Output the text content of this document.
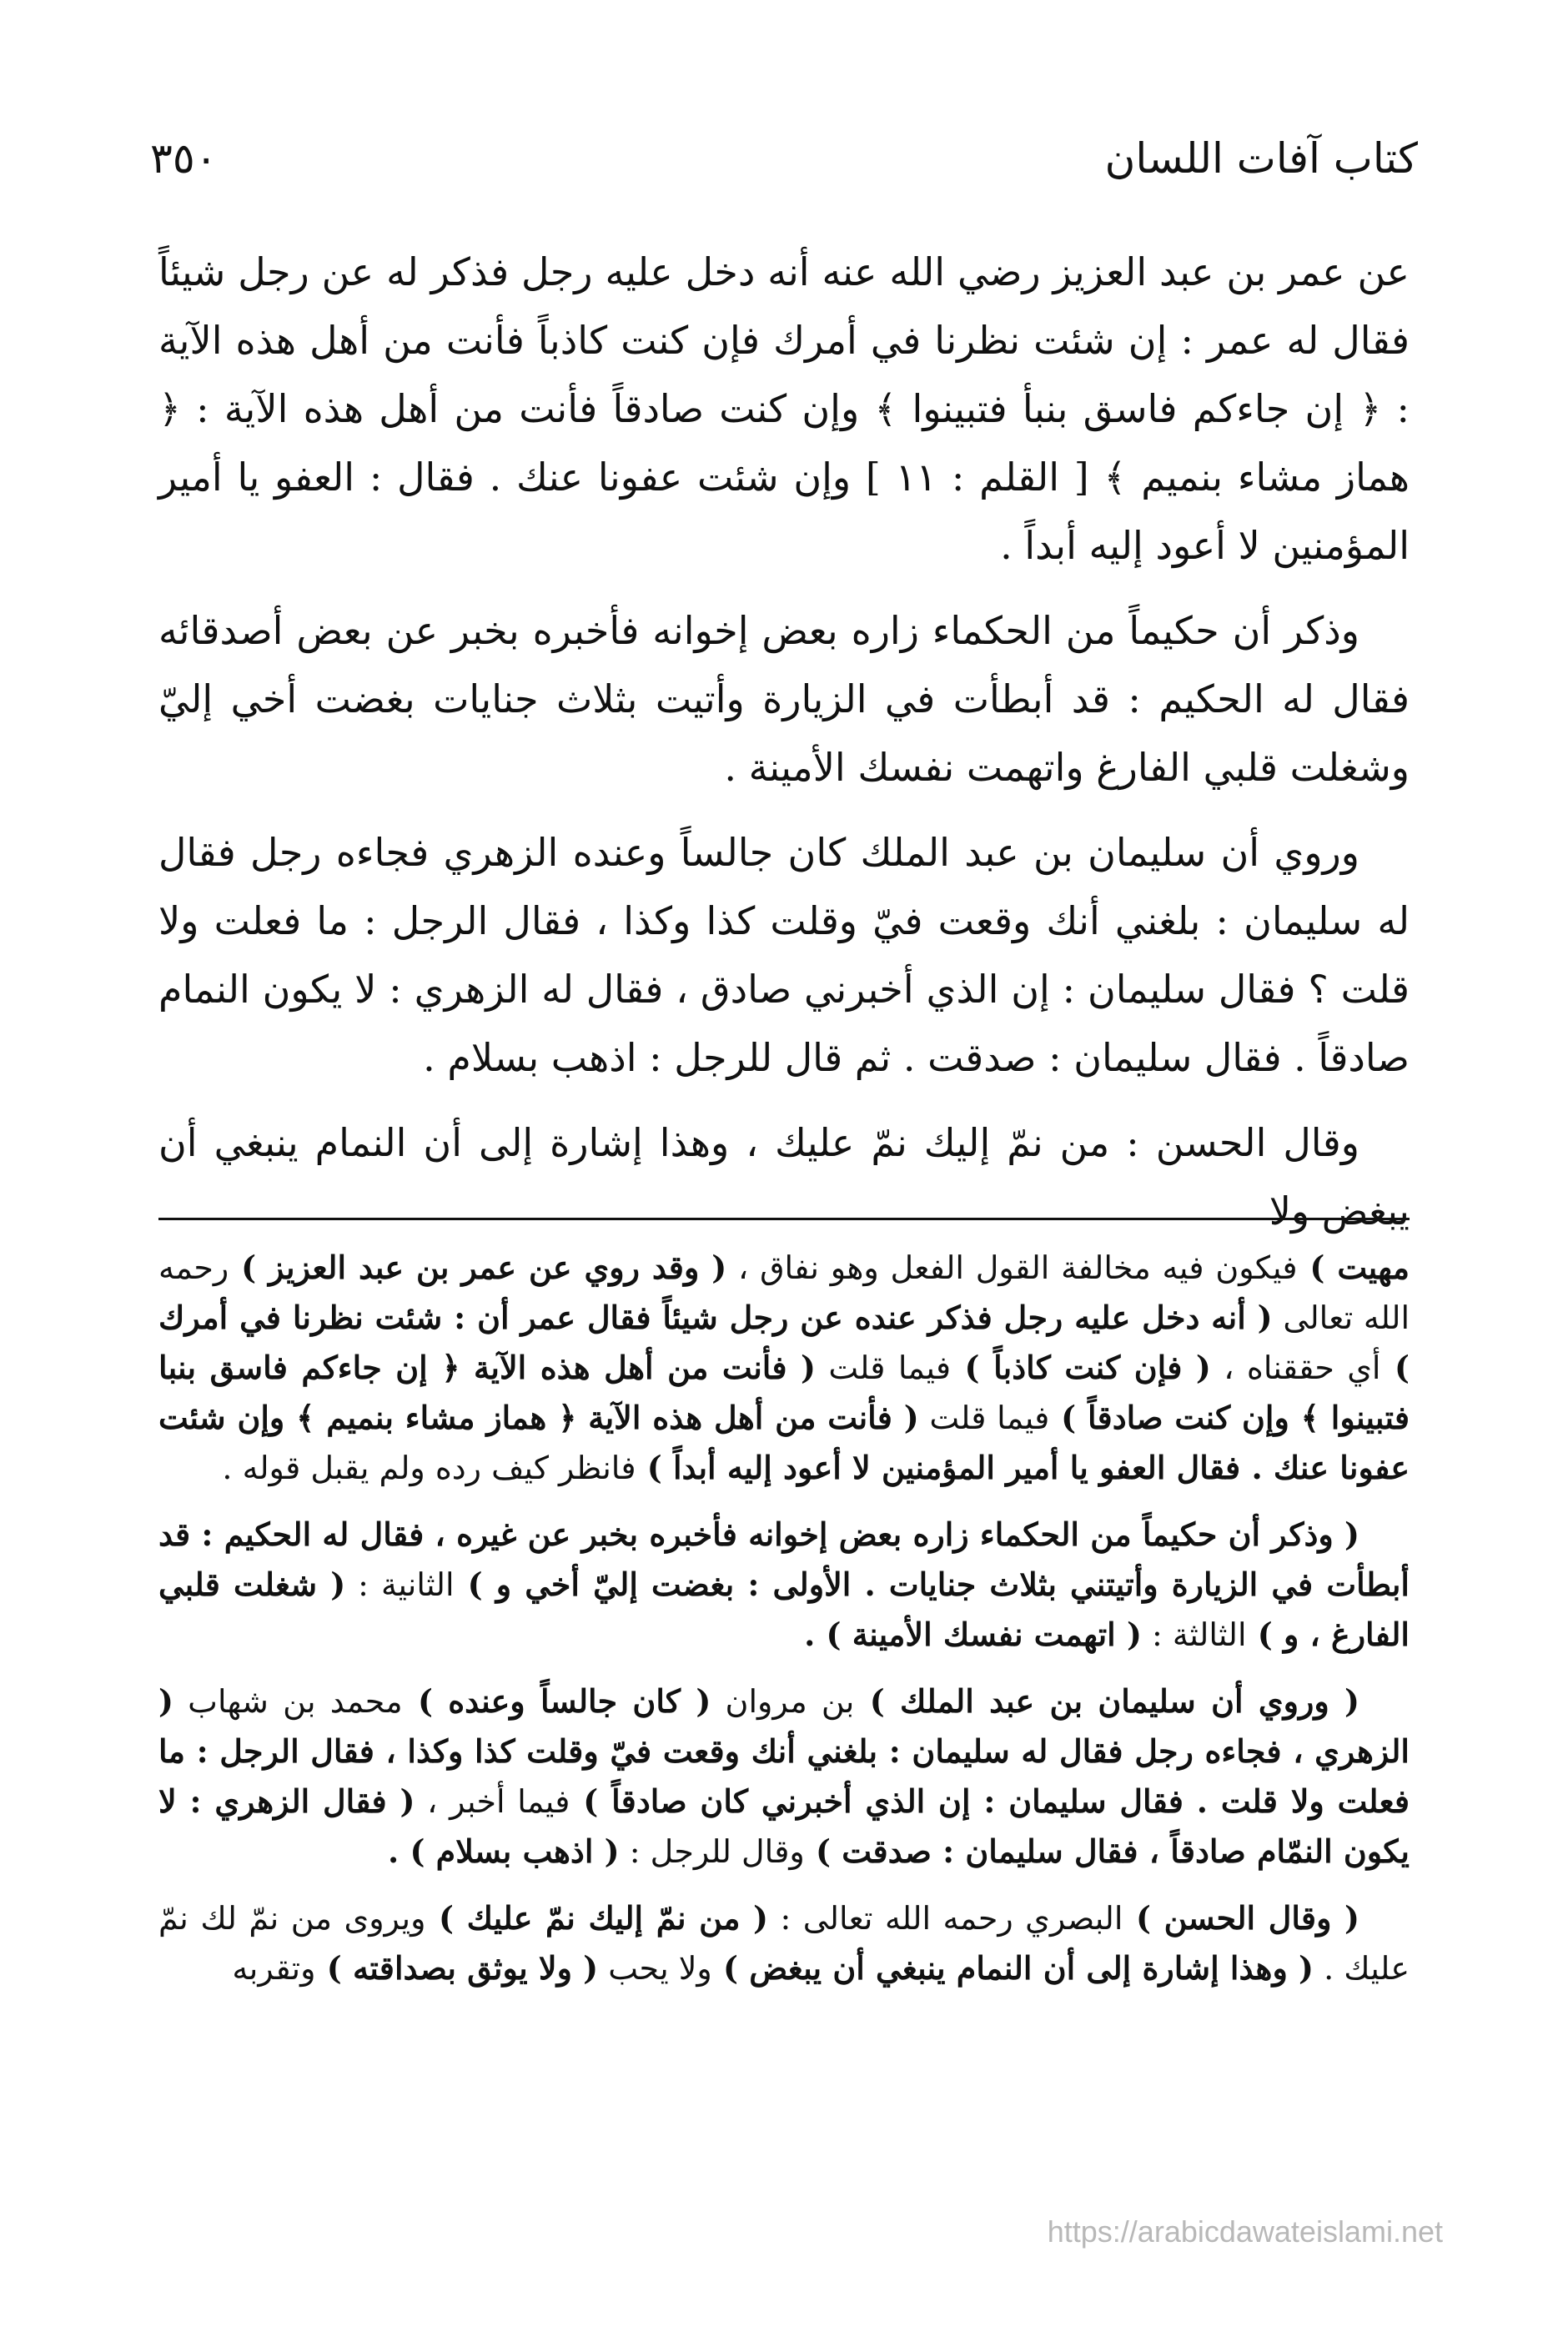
كتاب آفات اللسان
٣٥٠

عن عمر بن عبد العزيز رضي الله عنه أنه دخل عليه رجل فذكر له عن رجل شيئاً فقال له عمر : إن شئت نظرنا في أمرك فإن كنت كاذباً فأنت من أهل هذه الآية : ﴿ إن جاءكم فاسق بنبأ فتبينوا ﴾ وإن كنت صادقاً فأنت من أهل هذه الآية : ﴿ هماز مشاء بنميم ﴾ [ القلم : ١١ ] وإن شئت عفونا عنك . فقال : العفو يا أمير المؤمنين لا أعود إليه أبداً .

وذكر أن حكيماً من الحكماء زاره بعض إخوانه فأخبره بخبر عن بعض أصدقائه فقال له الحكيم : قد أبطأت في الزيارة وأتيت بثلاث جنايات بغضت أخي إليّ وشغلت قلبي الفارغ واتهمت نفسك الأمينة .

وروي أن سليمان بن عبد الملك كان جالساً وعنده الزهري فجاءه رجل فقال له سليمان : بلغني أنك وقعت فيّ وقلت كذا وكذا ، فقال الرجل : ما فعلت ولا قلت ؟ فقال سليمان : إن الذي أخبرني صادق ، فقال له الزهري : لا يكون النمام صادقاً . فقال سليمان : صدقت . ثم قال للرجل : اذهب بسلام .

وقال الحسن : من نمّ إليك نمّ عليك ، وهذا إشارة إلى أن النمام ينبغي أن يبغض ولا

مهيت ) فيكون فيه مخالفة القول الفعل وهو نفاق ، ( وقد روي عن عمر بن عبد العزيز ) رحمه الله تعالى ( أنه دخل عليه رجل فذكر عنده عن رجل شيئاً فقال عمر أن : شئت نظرنا في أمرك ) أي حققناه ، ( فإن كنت كاذباً ) فيما قلت ( فأنت من أهل هذه الآية ﴿ إن جاءكم فاسق بنبا فتبينوا ﴾ وإن كنت صادقاً ) فيما قلت ( فأنت من أهل هذه الآية ﴿ هماز مشاء بنميم ﴾ وإن شئت عفونا عنك . فقال العفو يا أمير المؤمنين لا أعود إليه أبداً ) فانظر كيف رده ولم يقبل قوله .

( وذكر أن حكيماً من الحكماء زاره بعض إخوانه فأخبره بخبر عن غيره ، فقال له الحكيم : قد أبطأت في الزيارة وأتيتني بثلاث جنايات . الأولى : بغضت إليّ أخي و ) الثانية : ( شغلت قلبي الفارغ ، و ) الثالثة : ( اتهمت نفسك الأمينة ) .

( وروي أن سليمان بن عبد الملك ) بن مروان ( كان جالساً وعنده ) محمد بن شهاب ( الزهري ، فجاءه رجل فقال له سليمان : بلغني أنك وقعت فيّ وقلت كذا وكذا ، فقال الرجل : ما فعلت ولا قلت . فقال سليمان : إن الذي أخبرني كان صادقاً ) فيما أخبر ، ( فقال الزهري : لا يكون النمّام صادقاً ، فقال سليمان : صدقت ) وقال للرجل : ( اذهب بسلام ) .

( وقال الحسن ) البصري رحمه الله تعالى : ( من نمّ إليك نمّ عليك ) ويروى من نمّ لك نمّ عليك . ( وهذا إشارة إلى أن النمام ينبغي أن يبغض ) ولا يحب ( ولا يوثق بصداقته ) وتقربه

https://arabicdawateislami.net
